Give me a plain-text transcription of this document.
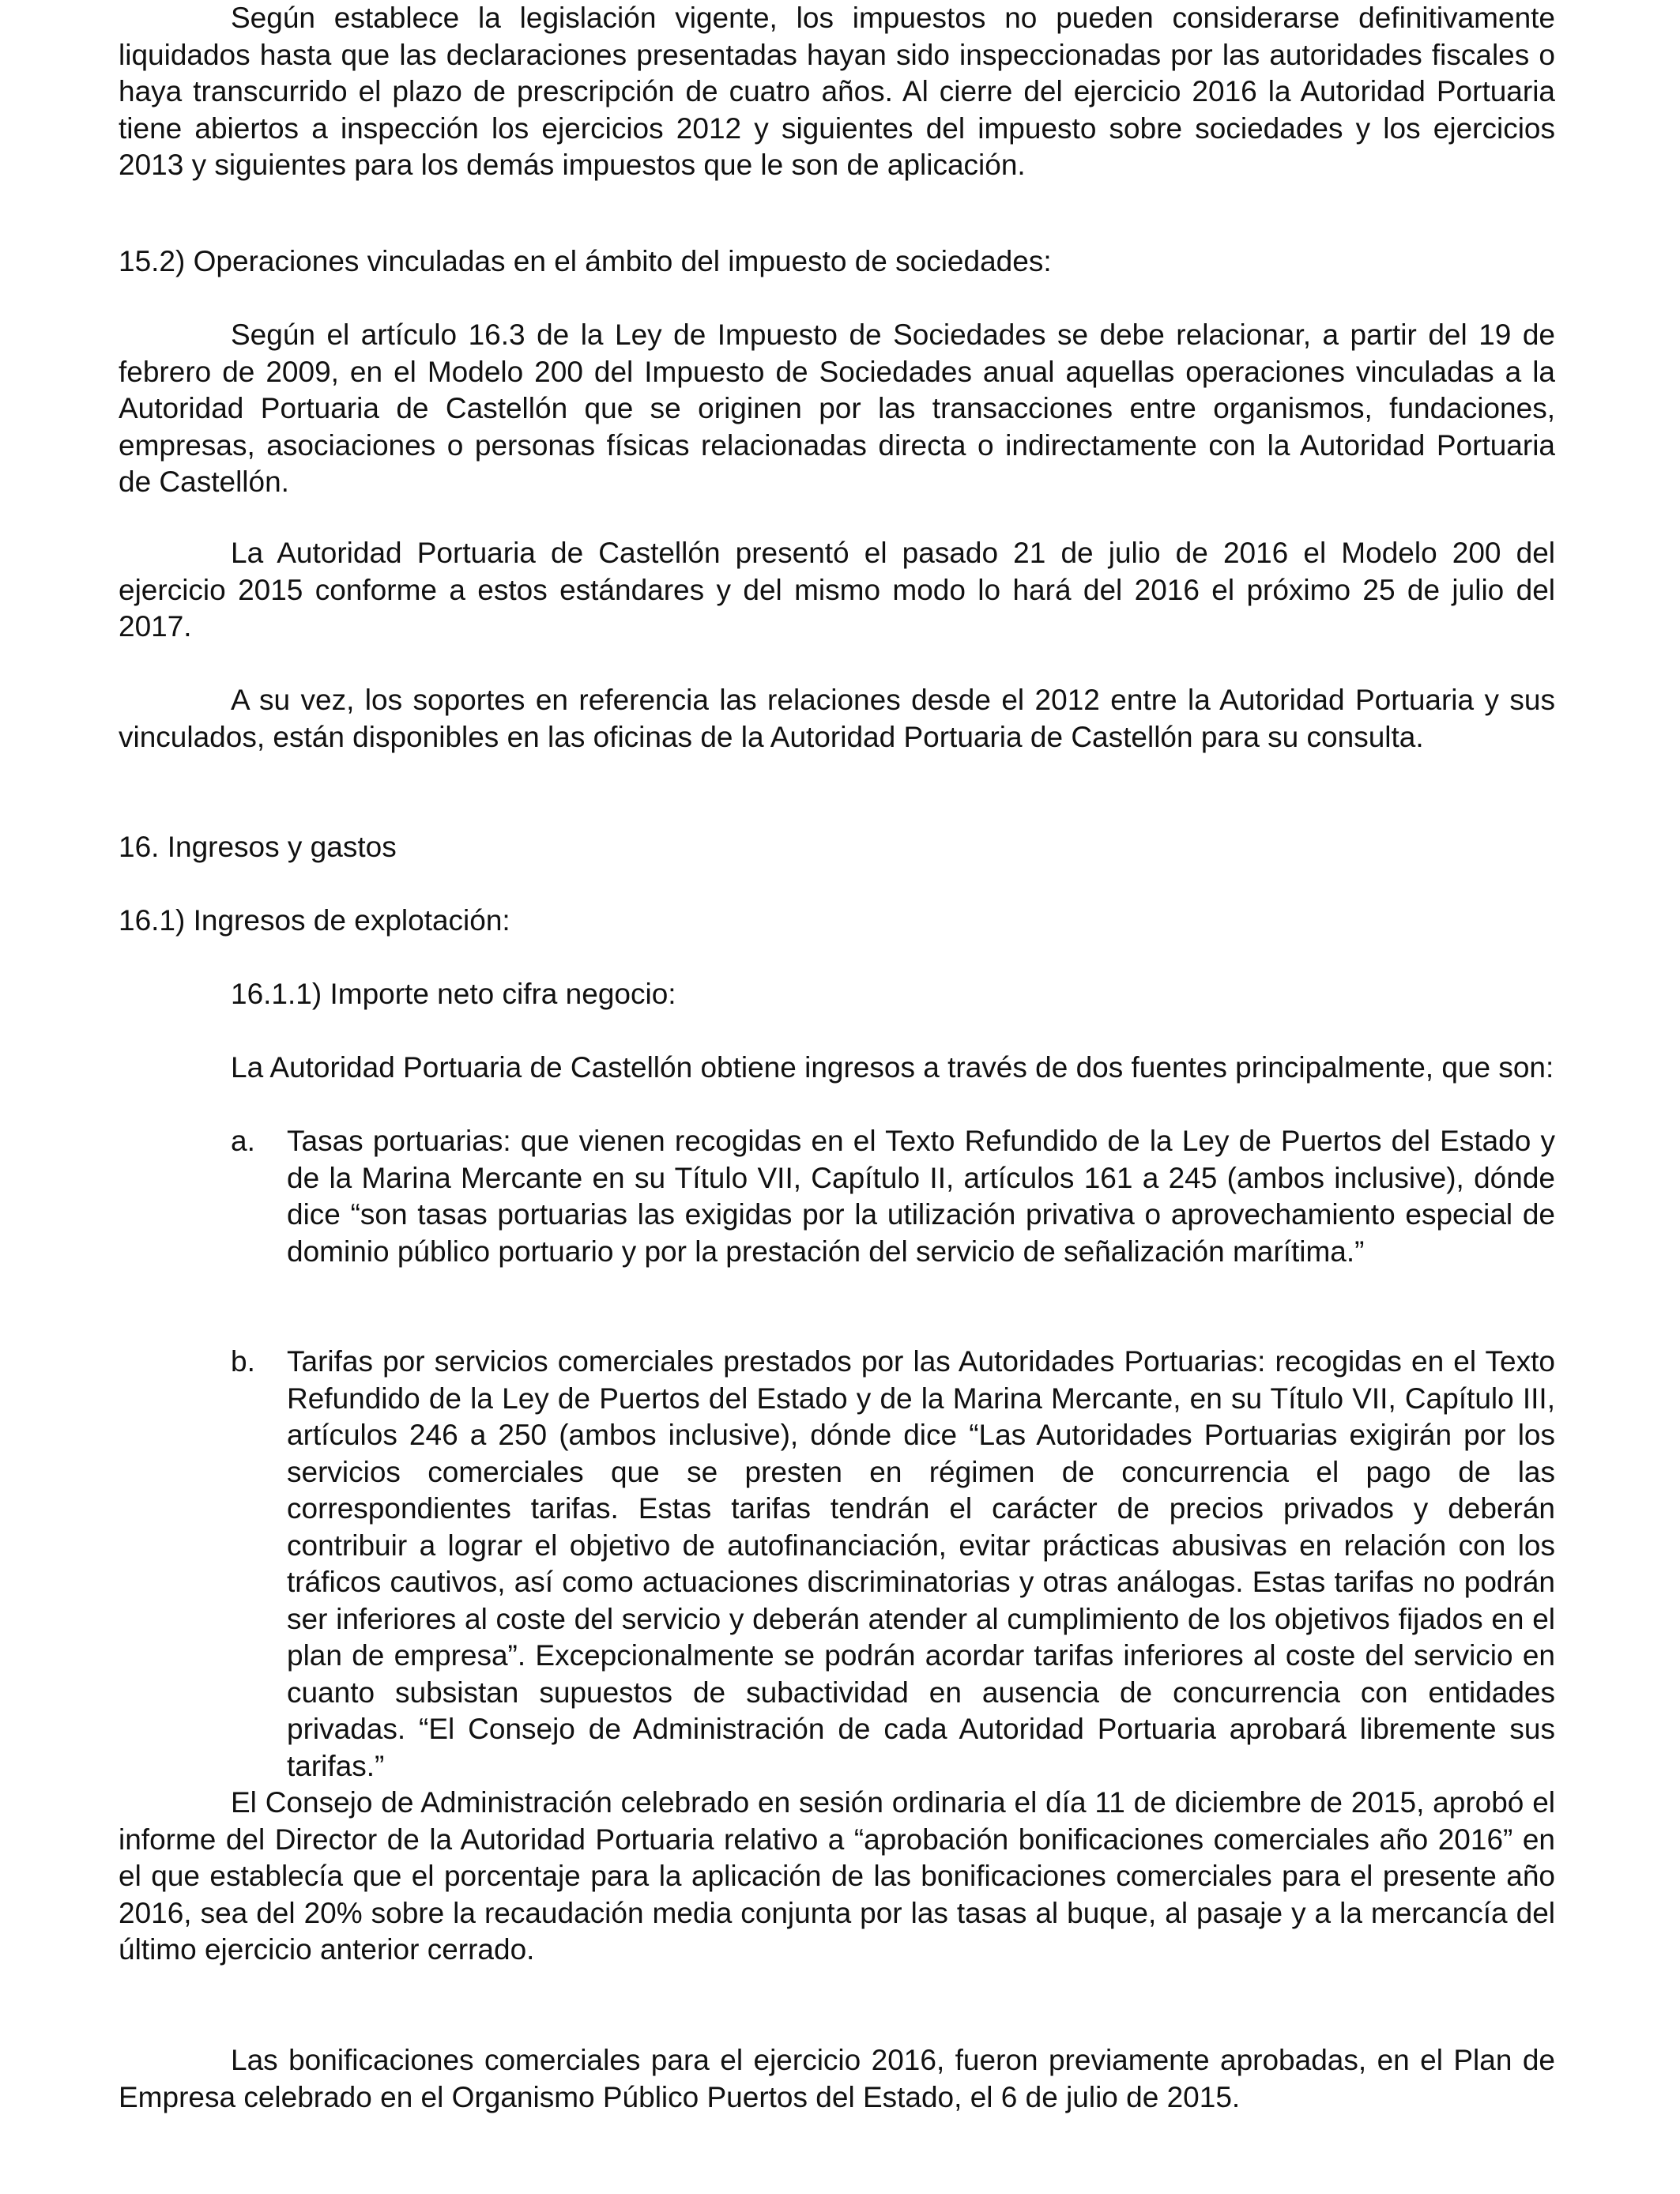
Según establece la legislación vigente, los impuestos no pueden considerarse definitivamente liquidados hasta que las declaraciones presentadas hayan sido inspeccionadas por las autoridades fiscales o haya transcurrido el plazo de prescripción de cuatro años. Al cierre del ejercicio 2016 la Autoridad Portuaria tiene abiertos a inspección los ejercicios 2012 y siguientes del impuesto sobre sociedades y los ejercicios 2013 y siguientes para los demás impuestos que le son de aplicación.

15.2) Operaciones vinculadas en el ámbito del impuesto de sociedades:

Según el artículo 16.3 de la Ley de Impuesto de Sociedades se debe relacionar, a partir del 19 de febrero de 2009, en el Modelo 200 del Impuesto de Sociedades anual aquellas operaciones vinculadas a la Autoridad Portuaria de Castellón que se originen por las transacciones entre organismos, fundaciones, empresas, asociaciones o personas físicas relacionadas directa o indirectamente con la Autoridad Portuaria de Castellón.

La Autoridad Portuaria de Castellón presentó el pasado 21 de julio de 2016 el Modelo 200 del ejercicio 2015 conforme a estos estándares y del mismo modo lo hará del 2016 el próximo 25 de julio del 2017.

A su vez, los soportes en referencia las relaciones desde el 2012 entre la Autoridad Portuaria y sus vinculados, están disponibles en las oficinas de la Autoridad Portuaria de Castellón para su consulta.

16. Ingresos y gastos

16.1) Ingresos de explotación:

16.1.1) Importe neto cifra negocio:

La Autoridad Portuaria de Castellón obtiene ingresos a través de dos fuentes principalmente, que son:

a. Tasas portuarias: que vienen recogidas en el Texto Refundido de la Ley de Puertos del Estado y de la Marina Mercante en su Título VII, Capítulo II, artículos 161 a 245 (ambos inclusive), dónde dice “son tasas portuarias las exigidas por la utilización privativa o aprovechamiento especial de dominio público portuario y por la prestación del servicio de señalización marítima.”
b. Tarifas por servicios comerciales prestados por las Autoridades Portuarias: recogidas en el Texto Refundido de la Ley de Puertos del Estado y de la Marina Mercante, en su Título VII, Capítulo III, artículos 246 a 250 (ambos inclusive), dónde dice “Las Autoridades Portuarias exigirán por los servicios comerciales que se presten en régimen de concurrencia el pago de las correspondientes tarifas. Estas tarifas tendrán el carácter de precios privados y deberán contribuir a lograr el objetivo de autofinanciación, evitar prácticas abusivas en relación con los tráficos cautivos, así como actuaciones discriminatorias y otras análogas. Estas tarifas no podrán ser inferiores al coste del servicio y deberán atender al cumplimiento de los objetivos fijados en el plan de empresa”. Excepcionalmente se podrán acordar tarifas inferiores al coste del servicio en cuanto subsistan supuestos de subactividad en ausencia de concurrencia con entidades privadas. “El Consejo de Administración de cada Autoridad Portuaria aprobará libremente sus tarifas.”

El Consejo de Administración celebrado en sesión ordinaria el día 11 de diciembre de 2015, aprobó el informe del Director de la Autoridad Portuaria relativo a “aprobación bonificaciones comerciales año 2016” en el que establecía que el porcentaje para la aplicación de las bonificaciones comerciales para el presente año 2016, sea del 20% sobre la recaudación media conjunta por las tasas al buque, al pasaje y a la mercancía del último ejercicio anterior cerrado.

Las bonificaciones comerciales para el ejercicio 2016, fueron previamente aprobadas, en el Plan de Empresa celebrado en el Organismo Público Puertos del Estado, el 6 de julio de 2015.
